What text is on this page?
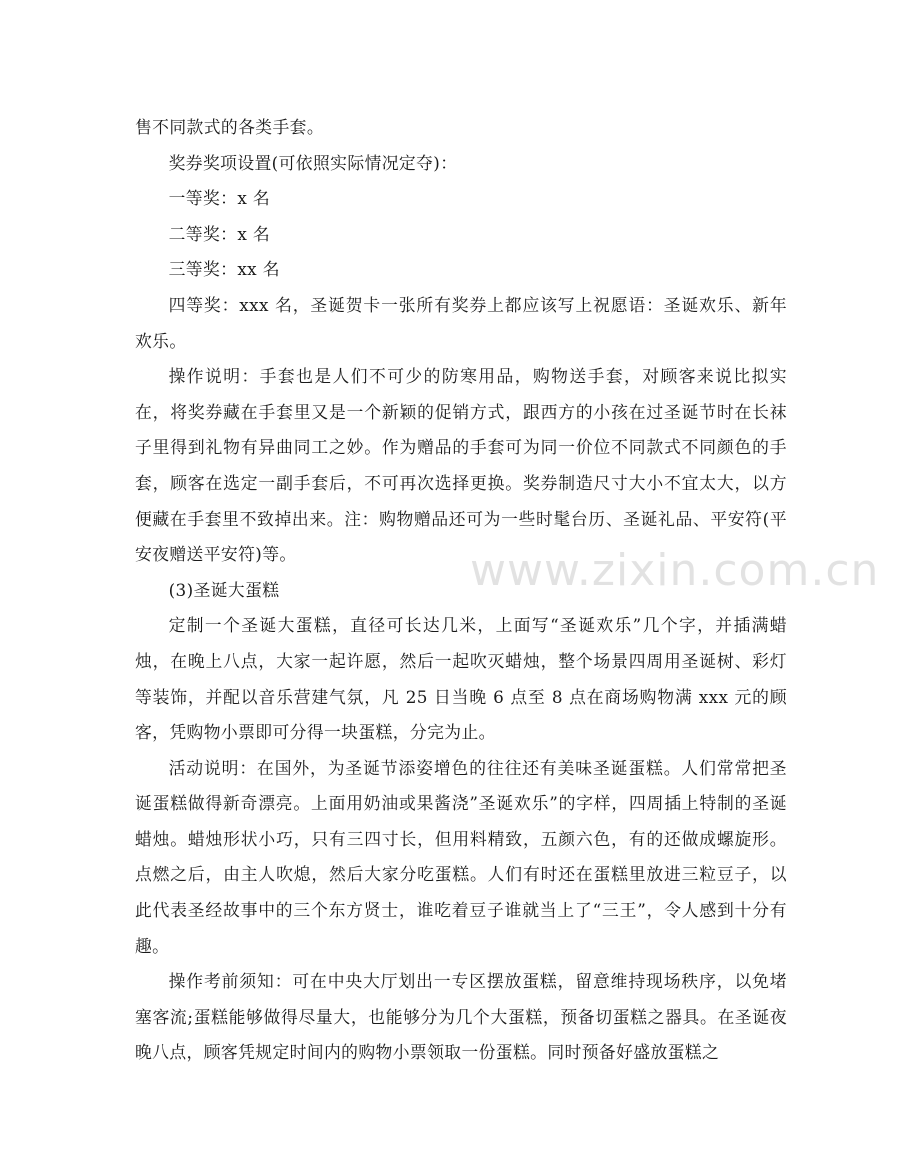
售不同款式的各类手套。

奖券奖项设置(可依照实际情况定夺)：

一等奖：x 名

二等奖：x 名

三等奖：xx 名

四等奖：xxx 名，圣诞贺卡一张所有奖券上都应该写上祝愿语：圣诞欢乐、新年欢乐。

操作说明：手套也是人们不可少的防寒用品，购物送手套，对顾客来说比拟实在，将奖券藏在手套里又是一个新颖的促销方式，跟西方的小孩在过圣诞节时在长袜子里得到礼物有异曲同工之妙。作为赠品的手套可为同一价位不同款式不同颜色的手套，顾客在选定一副手套后，不可再次选择更换。奖券制造尺寸大小不宜太大，以方便藏在手套里不致掉出来。注：购物赠品还可为一些时髦台历、圣诞礼品、平安符(平安夜赠送平安符)等。

(3)圣诞大蛋糕

定制一个圣诞大蛋糕，直径可长达几米，上面写“圣诞欢乐”几个字，并插满蜡烛，在晚上八点，大家一起许愿，然后一起吹灭蜡烛，整个场景四周用圣诞树、彩灯等装饰，并配以音乐营建气氛，凡 25 日当晚 6 点至 8 点在商场购物满 xxx 元的顾客，凭购物小票即可分得一块蛋糕，分完为止。

活动说明：在国外，为圣诞节添姿增色的往往还有美味圣诞蛋糕。人们常常把圣诞蛋糕做得新奇漂亮。上面用奶油或果酱浇”圣诞欢乐”的字样，四周插上特制的圣诞蜡烛。蜡烛形状小巧，只有三四寸长，但用料精致，五颜六色，有的还做成螺旋形。点燃之后，由主人吹熄，然后大家分吃蛋糕。人们有时还在蛋糕里放进三粒豆子，以此代表圣经故事中的三个东方贤士，谁吃着豆子谁就当上了“三王”，令人感到十分有趣。

操作考前须知：可在中央大厅划出一专区摆放蛋糕，留意维持现场秩序，以免堵塞客流;蛋糕能够做得尽量大，也能够分为几个大蛋糕，预备切蛋糕之器具。在圣诞夜晚八点，顾客凭规定时间内的购物小票领取一份蛋糕。同时预备好盛放蛋糕之

www.zixin.com.cn
